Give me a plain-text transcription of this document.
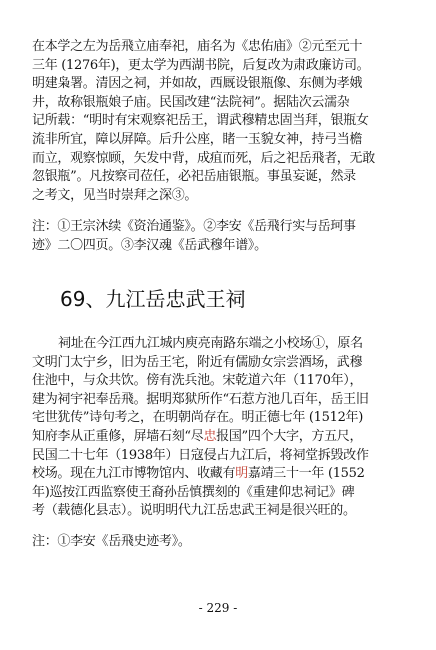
在本学之左为岳飛立庙奉祀，庙名为《忠佑庙》②元至元十
三年 (1276年)，更太学为西湖书院，后复改为肃政廉访司。
明建枭署。清因之祠，并如故，西厩设银瓶像、东侧为孝娥
井，故称银瓶娘子庙。民国改建“法院祠”。据陆次云濡杂
记所载：“明时有宋观察祀岳王，谓武穆精忠固当拜，银瓶女
流非所宜，障以屏障。后升公座，睹一玉貌女神，持弓当檐
而立，观察惊顾，矢发中背，成疽而死，后之祀岳飛者，无敢
忽银瓶”。凡按察司莅任，必祀岳庙银瓶。事虽妄诞，然录
之考文，见当时崇拜之深③。
注：①王宗沐续《资治通鉴》。②李安《岳飛行实与岳珂事
迹》二〇四页。③李汉魂《岳武穆年谱》。
69、九江岳忠武王祠
祠址在今江西九江城内庾亮南路东端之小校场①，原名
文明门太宁乡，旧为岳王宅，附近有儒励女宗尝酒场，武穆
住池中，与众共饮。傍有洗兵池。宋乾道六年（1170年），
建为祠宇祀奉岳飛。据明郑狱所作“石惹方池几百年，岳王旧
宅世犹传”诗句考之，在明朝尚存在。明正德七年 (1512年)
知府李从正重修，屏墙石刻“尽忠报国”四个大字，方五尺，
民国二十七年（1938年）日寇侵占九江后，将祠堂拆毁改作
校场。现在九江市博物馆内、收藏有明嘉靖三十一年 (1552
年)巡按江西监察使王裔孙岳慎撰刻的《重建仰忠祠记》碑
考（载德化县志）。说明明代九江岳忠武王祠是很兴旺的。
注：①李安《岳飛史迹考》。
- 229 -
